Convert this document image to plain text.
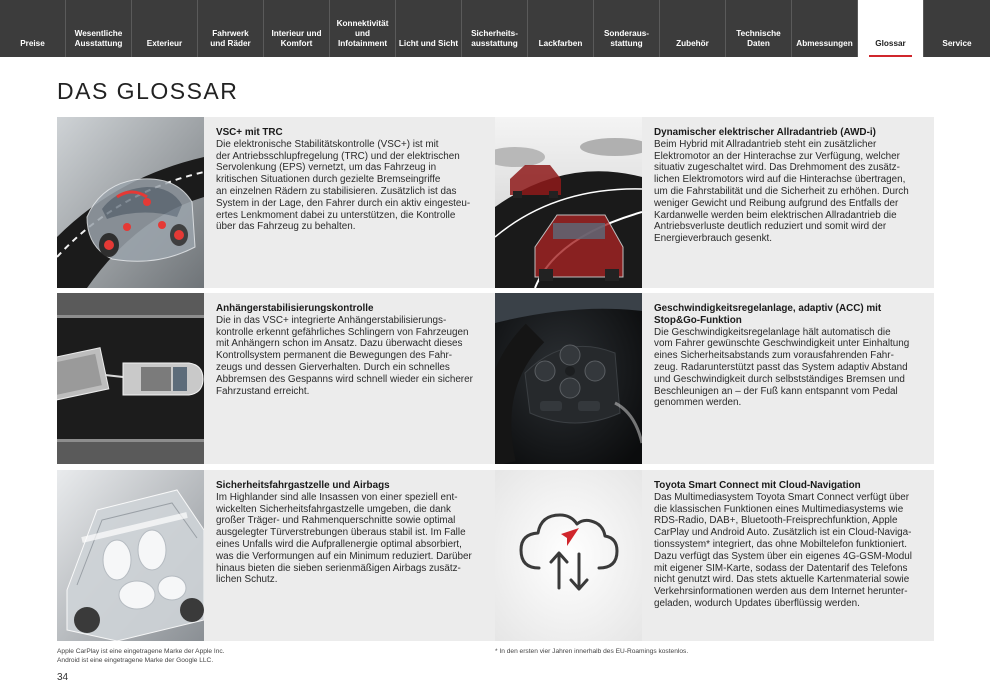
Preise
Wesentliche
Ausstattung	Exterieur
Fahrwerk
und Räder
Interieur und
Komfort
Konnektivität
und
Infotainment	Licht und Sicht
Sicherheits-
ausstattung	Lackfarben
Sonderaus-
stattung	Zubehör
Technische
Daten	Abmessungen	Glossar	Service
DAS GLOSSAR
VSC+ mit TRC

Die elektronische Stabilitätskontrolle (VSC+) ist mit
der Antriebsschlupfregelung (TRC) und der elektrischen
Servolenkung (EPS) vernetzt, um das Fahrzeug in
kritischen Situationen durch gezielte Bremseingriffe
an einzelnen Rädern zu stabilisieren. Zusätzlich ist das
System in der Lage, den Fahrer durch ein aktiv eingesteu-
ertes Lenkmoment dabei zu unterstützen, die Kontrolle
über das Fahrzeug zu behalten.

Dynamischer elektrischer Allradantrieb (AWD-i)

Beim Hybrid mit Allradantrieb steht ein zusätzlicher
Elektromotor an der Hinterachse zur Verfügung, welcher
situativ zugeschaltet wird. Das Drehmoment des zusätz-
lichen Elektromotors wird auf die Hinterachse übertragen,
um die Fahrstabilität und die Sicherheit zu erhöhen. Durch
weniger Gewicht und Reibung aufgrund des Entfalls der
Kardanwelle werden beim elektrischen Allradantrieb die
Antriebsverluste deutlich reduziert und somit wird der
Energieverbrauch gesenkt.

Anhängerstabilisierungskontrolle

Die in das VSC+ integrierte Anhängerstabilisierungs-
kontrolle erkennt gefährliches Schlingern von Fahrzeugen
mit Anhängern schon im Ansatz. Dazu überwacht dieses
Kontrollsystem permanent die Bewegungen des Fahr-
zeugs und dessen Gierverhalten. Durch ein schnelles
Abbremsen des Gespanns wird schnell wieder ein sicherer
Fahrzustand erreicht.

Geschwindigkeitsregelanlage, adaptiv (ACC) mit
Stop&Go-Funktion

Die Geschwindigkeitsregelanlage hält automatisch die
vom Fahrer gewünschte Geschwindigkeit unter Einhaltung
eines Sicherheitsabstands zum vorausfahrenden Fahr-
zeug. Radarunterstützt passt das System adaptiv Abstand
und Geschwindigkeit durch selbstständiges Bremsen und
Beschleunigen an – der Fuß kann entspannt vom Pedal
genommen werden.

Sicherheitsfahrgastzelle und Airbags

Im Highlander sind alle Insassen von einer speziell ent-
wickelten Sicherheitsfahrgastzelle umgeben, die dank
großer Träger- und Rahmenquerschnitte sowie optimal
ausgelegter Türverstrebungen überaus stabil ist. Im Falle
eines Unfalls wird die Aufprallenergie optimal absorbiert,
was die Verformungen auf ein Minimum reduziert. Darüber
hinaus bieten die sieben serienmäßigen Airbags zusätz-
lichen Schutz.

Toyota Smart Connect mit Cloud-Navigation

Das Multimediasystem Toyota Smart Connect verfügt über
die klassischen Funktionen eines Multimediasystems wie
RDS-Radio, DAB+, Bluetooth-Freisprechfunktion, Apple
CarPlay und Android Auto. Zusätzlich ist ein Cloud-Naviga-
tionssystem* integriert, das ohne Mobiltelefon funktioniert.
Dazu verfügt das System über ein eigenes 4G-GSM-Modul
mit eigener SIM-Karte, sodass der Datentarif des Telefons
nicht genutzt wird. Das stets aktuelle Kartenmaterial sowie
Verkehrsinformationen werden aus dem Internet herunter-
geladen, wodurch Updates überflüssig werden.

Apple CarPlay ist eine eingetragene Marke der Apple Inc.
Android ist eine eingetragene Marke der Google LLC.
* In den ersten vier Jahren innerhalb des EU-Roamings kostenlos.
34
